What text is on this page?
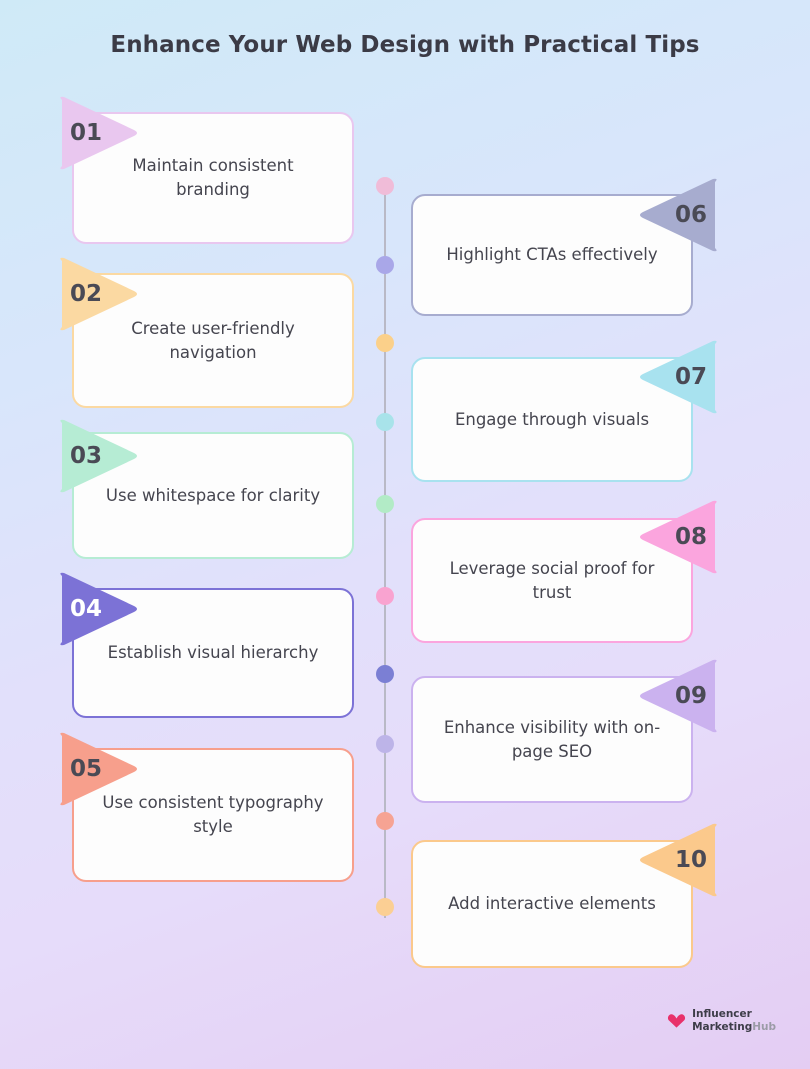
Enhance Your Web Design with Practical Tips
Maintain consistent branding
01
Create user-friendly navigation
02
Use whitespace for clarity
03
Establish visual hierarchy
04
Use consistent typography style
05
Highlight CTAs effectively
06
Engage through visuals
07
Leverage social proof for trust
08
Enhance visibility with on-page SEO
09
Add interactive elements
10
Influencer
MarketingHub
